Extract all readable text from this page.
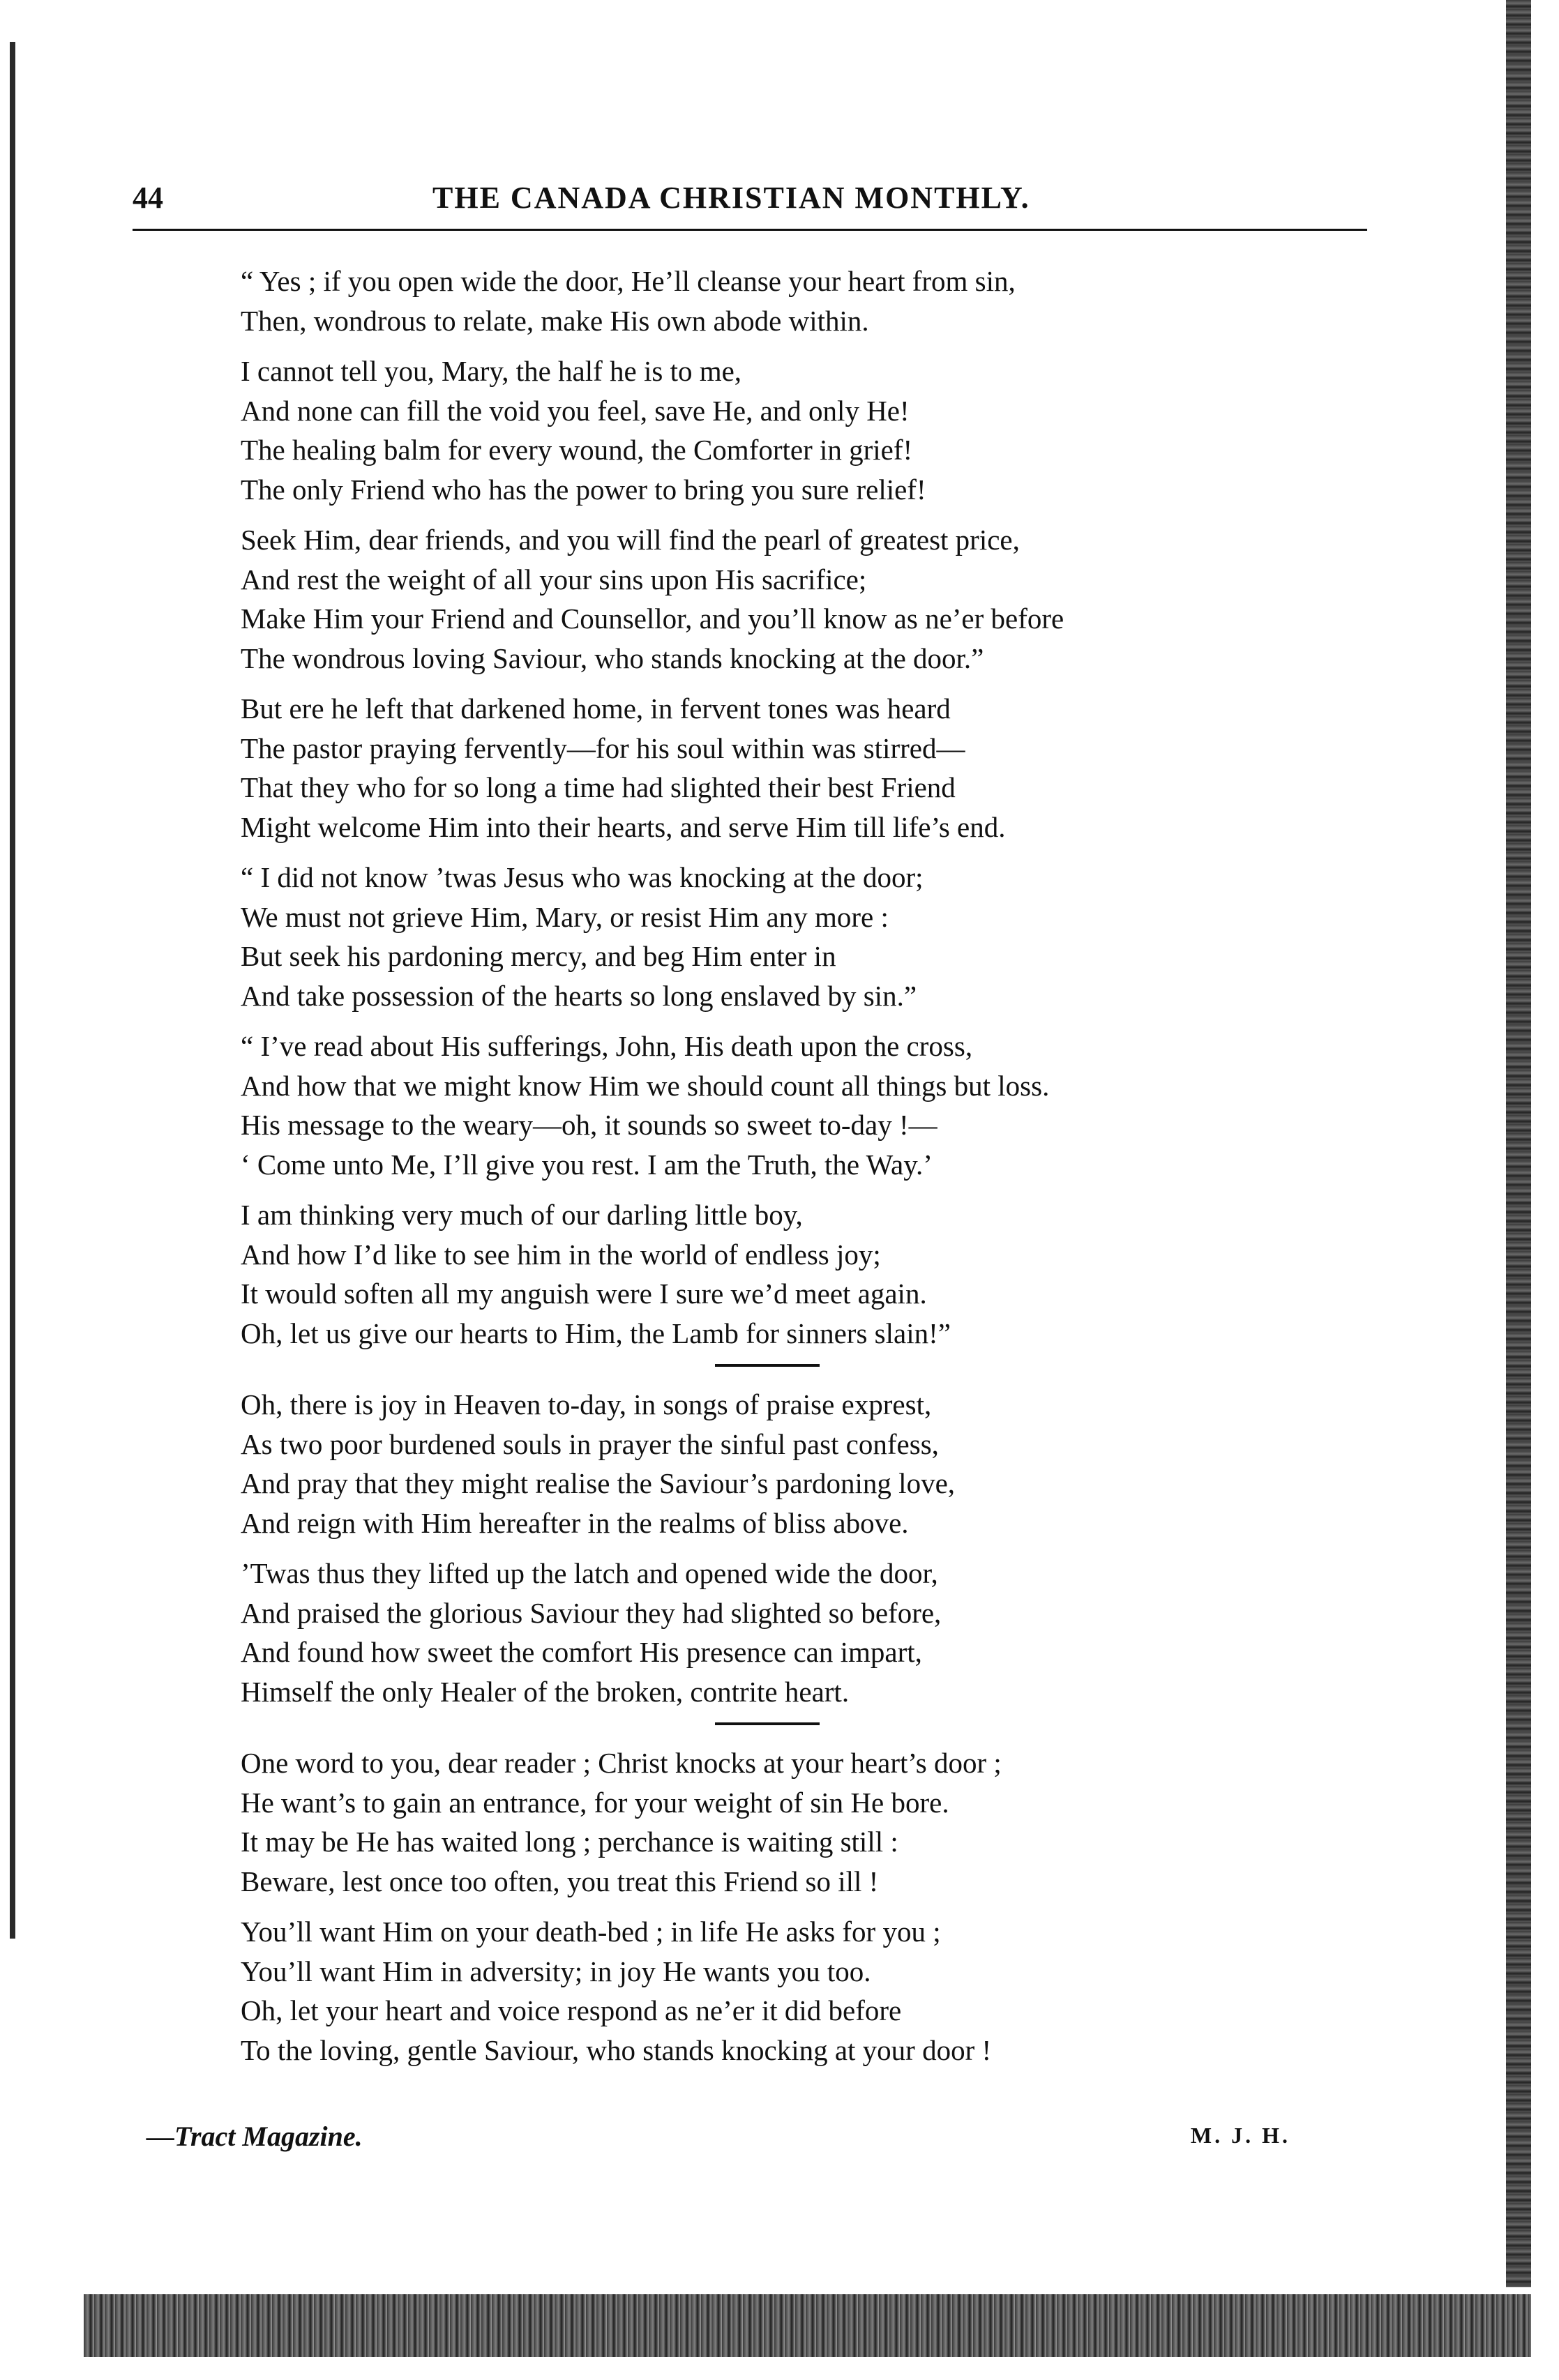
44	THE CANADA CHRISTIAN MONTHLY.
“ Yes ; if you open wide the door, He’ll cleanse your heart from sin,
Then, wondrous to relate, make His own abode within.
I cannot tell you, Mary, the half he is to me,
And none can fill the void you feel, save He, and only He!
The healing balm for every wound, the Comforter in grief!
The only Friend who has the power to bring you sure relief!
Seek Him, dear friends, and you will find the pearl of greatest price,
And rest the weight of all your sins upon His sacrifice;
Make Him your Friend and Counsellor, and you’ll know as ne’er before
The wondrous loving Saviour, who stands knocking at the door.”
But ere he left that darkened home, in fervent tones was heard
The pastor praying fervently—for his soul within was stirred—
That they who for so long a time had slighted their best Friend
Might welcome Him into their hearts, and serve Him till life’s end.
“ I did not know ’twas Jesus who was knocking at the door;
We must not grieve Him, Mary, or resist Him any more :
But seek his pardoning mercy, and beg Him enter in
And take possession of the hearts so long enslaved by sin.”
“ I’ve read about His sufferings, John, His death upon the cross,
And how that we might know Him we should count all things but loss.
His message to the weary—oh, it sounds so sweet to-day !—
‘ Come unto Me, I’ll give you rest. I am the Truth, the Way.’
I am thinking very much of our darling little boy,
And how I’d like to see him in the world of endless joy;
It would soften all my anguish were I sure we’d meet again.
Oh, let us give our hearts to Him, the Lamb for sinners slain!”
Oh, there is joy in Heaven to-day, in songs of praise exprest,
As two poor burdened souls in prayer the sinful past confess,
And pray that they might realise the Saviour’s pardoning love,
And reign with Him hereafter in the realms of bliss above.
’Twas thus they lifted up the latch and opened wide the door,
And praised the glorious Saviour they had slighted so before,
And found how sweet the comfort His presence can impart,
Himself the only Healer of the broken, contrite heart.
One word to you, dear reader ; Christ knocks at your heart’s door ;
He want’s to gain an entrance, for your weight of sin He bore.
It may be He has waited long ; perchance is waiting still :
Beware, lest once too often, you treat this Friend so ill !
You’ll want Him on your death-bed ; in life He asks for you ;
You’ll want Him in adversity; in joy He wants you too.
Oh, let your heart and voice respond as ne’er it did before
To the loving, gentle Saviour, who stands knocking at your door !
—Tract Magazine.	M. J. H.
